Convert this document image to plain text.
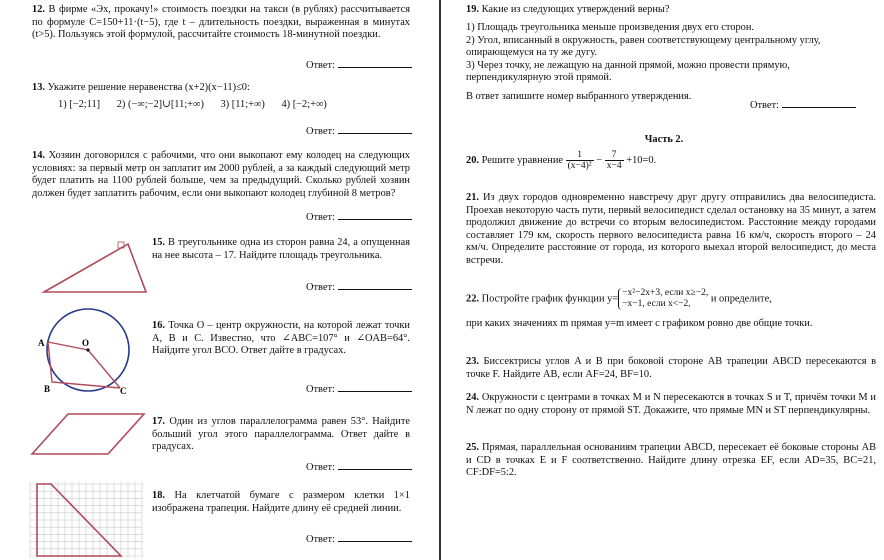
12. В фирме «Эх, прокачу!» стоимость поездки на такси (в рублях) рассчитывается по формуле C=150+11·(t−5), где t – длительность поездки, выраженная в минутах (t>5). Пользуясь этой формулой, рассчитайте стоимость 18-минутной поездки.
Ответ:
13. Укажите решение неравенства (x+2)(x−11)≤0:
1) [−2;11] 2) (−∞;−2]∪[11;+∞) 3) [11;+∞) 4) [−2;+∞)
Ответ:
14. Хозяин договорился с рабочими, что они выкопают ему колодец на следующих условиях: за первый метр он заплатит им 2000 рублей, а за каждый следующий метр будет платить на 1100 рублей больше, чем за предыдущий. Сколько рублей хозяин должен будет заплатить рабочим, если они выкопают колодец глубиной 8 метров?
Ответ:
15. В треугольнике одна из сторон равна 24, а опущенная на нее высота – 17. Найдите площадь треугольника.
Ответ:
A	O
B	C
16. Точка O – центр окружности, на которой лежат точки A, B и C. Известно, что ∠ABC=107° и ∠OAB=64°. Найдите угол BCO. Ответ дайте в градусах.
Ответ:
17. Один из углов параллелограмма равен 53°. Найдите больший угол этого параллелограмма. Ответ дайте в градусах.
Ответ:
18. На клетчатой бумаге с размером клетки 1×1 изображена трапеция. Найдите длину её средней линии.
Ответ:
19. Какие из следующих утверждений верны?
1) Площадь треугольника меньше произведения двух его сторон.
2) Угол, вписанный в окружность, равен соответствующему центральному углу, опирающемуся на ту же дугу.
3) Через точку, не лежащую на данной прямой, можно провести прямую, перпендикулярную этой прямой.
В ответ запишите номер выбранного утверждения.
Ответ:
Часть 2.
20. Решите уравнение $\frac{1}{\text{(x−4)²}} - \frac{7}{x-4} +10=0$.
21. Из двух городов одновременно навстречу друг другу отправились два велосипедиста. Проехав некоторую часть пути, первый велосипедист сделал остановку на 35 минут, а затем продолжил движение до встречи со вторым велосипедистом. Расстояние между городами составляет 179 км, скорость первого велосипедиста равна 16 км/ч, скорость второго – 24 км/ч. Определите расстояние от города, из которого выехал второй велосипедист, до места встречи.
22. Постройте график функции y=
−x²−2x+3, если x≥−2,
−x−1, если x<−2,	и определите,
при каких значениях m прямая y=m имеет с графиком ровно две общие точки.
23. Биссектрисы углов A и B при боковой стороне AB трапеции ABCD пересекаются в точке F. Найдите AB, если AF=24, BF=10.
24. Окружности с центрами в точках M и N пересекаются в точках S и T, причём точки M и N лежат по одну сторону от прямой ST. Докажите, что прямые MN и ST перпендикулярны.
25. Прямая, параллельная основаниям трапеции ABCD, пересекает её боковые стороны AB и CD в точках E и F соответственно. Найдите длину отрезка EF, если AD=35, BC=21, CF:DF=5:2.
